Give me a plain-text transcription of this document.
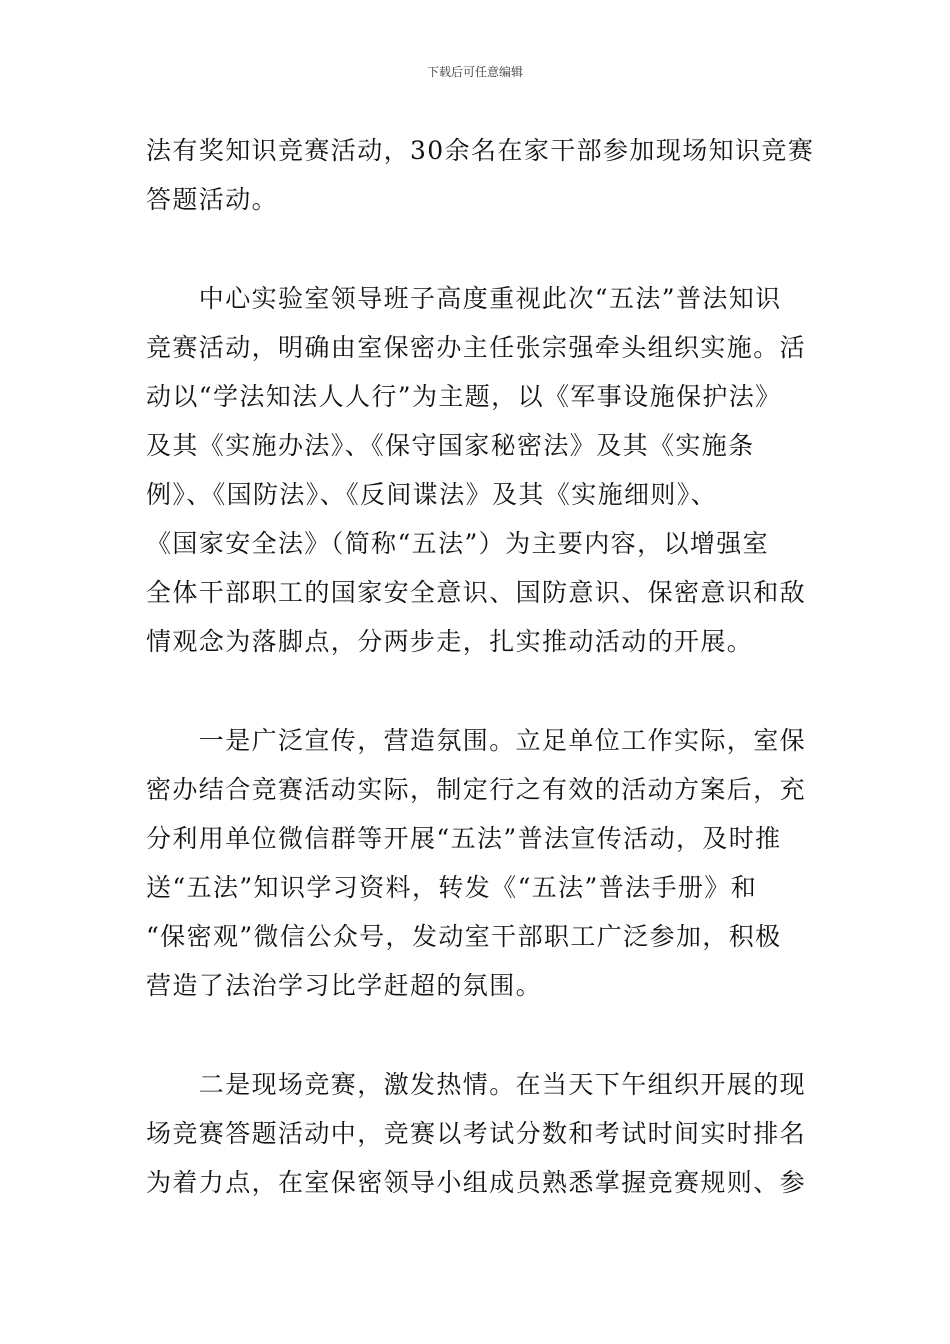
下载后可任意编辑
法有奖知识竞赛活动，30余名在家干部参加现场知识竞赛
答题活动。
　　中心实验室领导班子高度重视此次“五法”普法知识
竞赛活动，明确由室保密办主任张宗强牵头组织实施。活
动以“学法知法人人行”为主题，以《军事设施保护法》
及其《实施办法》、《保守国家秘密法》及其《实施条
例》、《国防法》、《反间谍法》及其《实施细则》、
《国家安全法》（简称“五法”）为主要内容，以增强室
全体干部职工的国家安全意识、国防意识、保密意识和敌
情观念为落脚点，分两步走，扎实推动活动的开展。
　　一是广泛宣传，营造氛围。立足单位工作实际，室保
密办结合竞赛活动实际，制定行之有效的活动方案后，充
分利用单位微信群等开展“五法”普法宣传活动，及时推
送“五法”知识学习资料，转发《“五法”普法手册》和
“保密观”微信公众号，发动室干部职工广泛参加，积极
营造了法治学习比学赶超的氛围。
　　二是现场竞赛，激发热情。在当天下午组织开展的现
场竞赛答题活动中，竞赛以考试分数和考试时间实时排名
为着力点，在室保密领导小组成员熟悉掌握竞赛规则、参
